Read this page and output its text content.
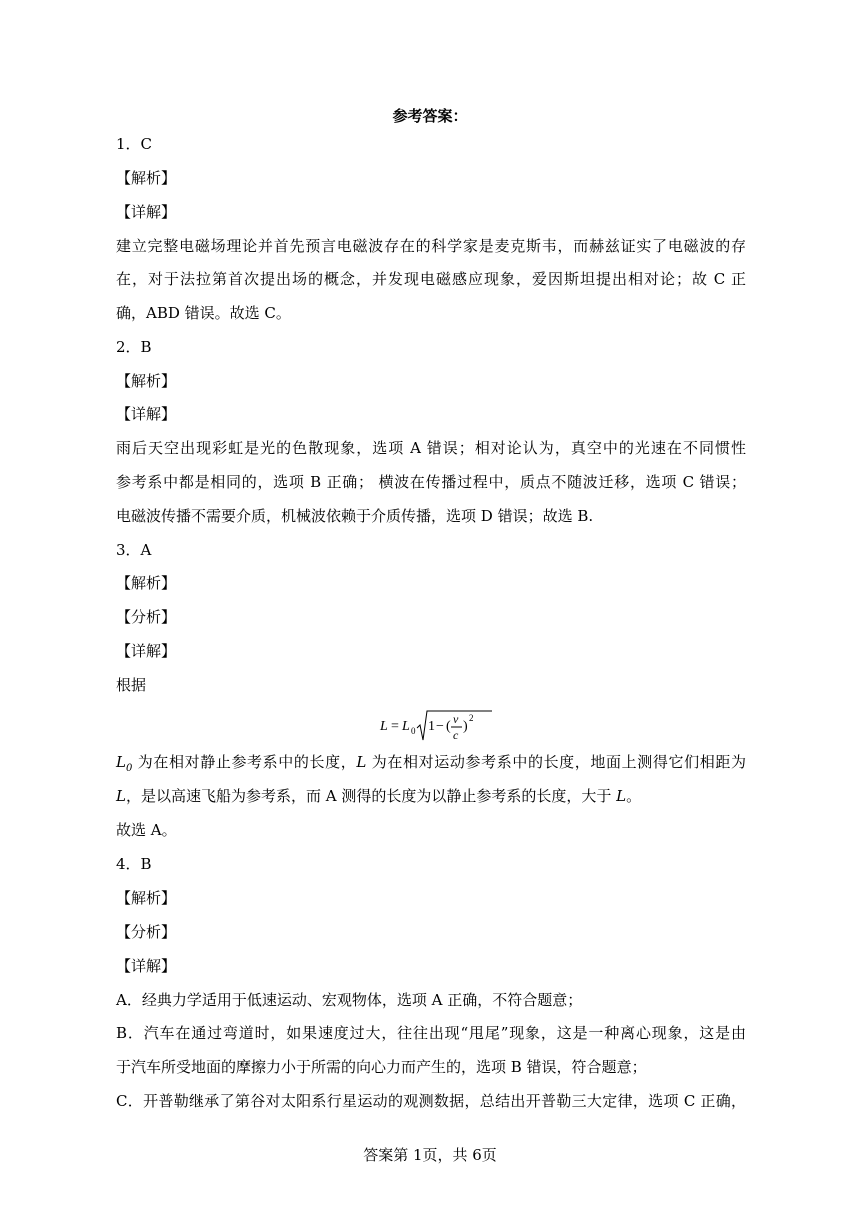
参考答案：
1．C
【解析】
【详解】
建立完整电磁场理论并首先预言电磁波存在的科学家是麦克斯韦，而赫兹证实了电磁波的存
在，对于法拉第首次提出场的概念，并发现电磁感应现象，爱因斯坦提出相对论；故 C 正
确，ABD 错误。故选 C。
2．B
【解析】
【详解】
雨后天空出现彩虹是光的色散现象，选项 A 错误；相对论认为，真空中的光速在不同惯性
参考系中都是相同的，选项 B 正确； 横波在传播过程中，质点不随波迁移，选项 C 错误；
电磁波传播不需要介质，机械波依赖于介质传播，选项 D 错误；故选 B.
3．A
【解析】
【分析】
【详解】
根据
L = L 0 1 − ( v
c
)
2
$L_0$ 为在相对静止参考系中的长度，L 为在相对运动参考系中的长度，地面上测得它们相距为
L，是以高速飞船为参考系，而 A 测得的长度为以静止参考系的长度，大于 L。
故选 A。
4．B
【解析】
【分析】
【详解】
A．经典力学适用于低速运动、宏观物体，选项 A 正确，不符合题意；
B．汽车在通过弯道时，如果速度过大，往往出现“甩尾”现象，这是一种离心现象，这是由
于汽车所受地面的摩擦力小于所需的向心力而产生的，选项 B 错误，符合题意；
C．开普勒继承了第谷对太阳系行星运动的观测数据，总结出开普勒三大定律，选项 C 正确，
答案第 1页，共 6页
